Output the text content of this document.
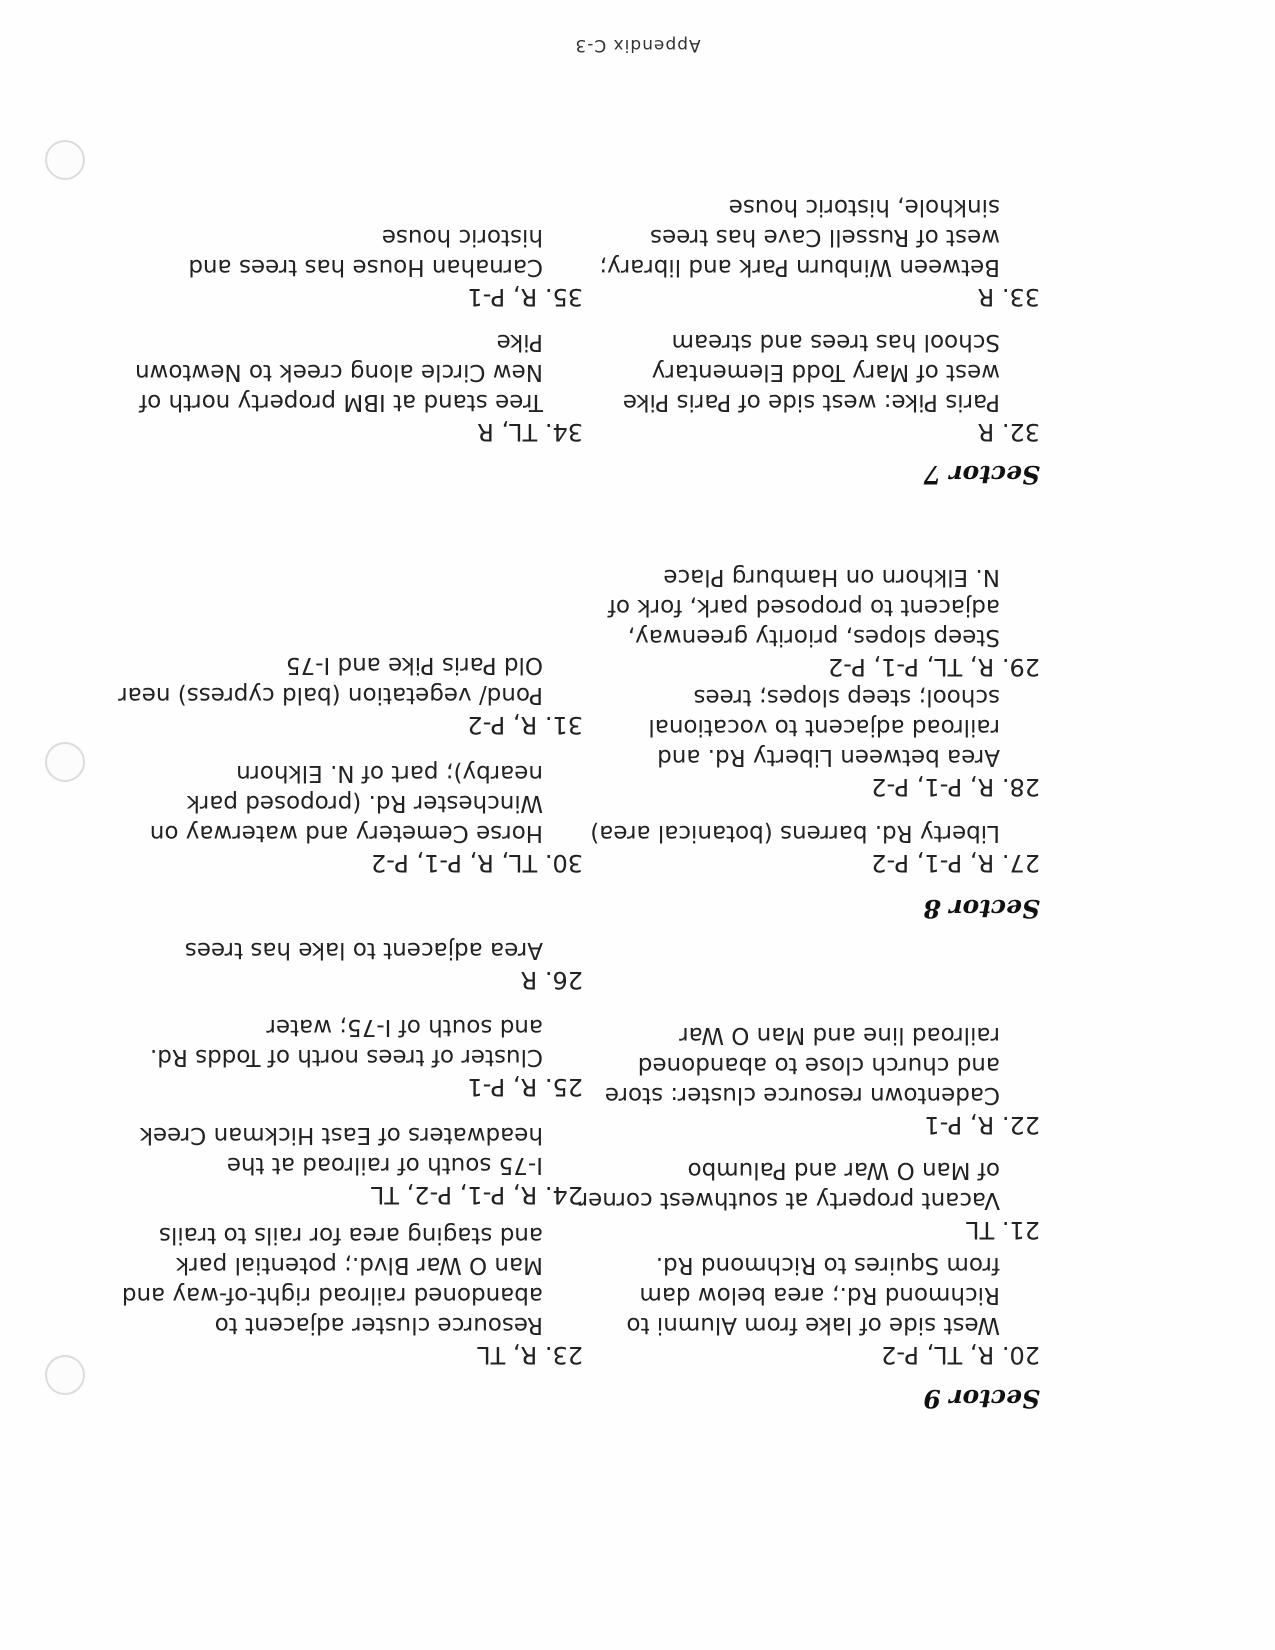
Sector 9
Sector 8
Sector 7
20. R, TL, P-2
West side of lake from Alumni to
Richmond Rd.; area below dam
from Squires to Richmond Rd.
21. TL
Vacant property at southwest corner
of Man O War and Palumbo
22. R, P-1
Cadentown resource cluster: store
and church close to abandoned
railroad line and Man O War
27. R, P-1, P-2
Liberty Rd. barrens (botanical area)
28. R, P-1, P-2
Area between Liberty Rd. and
railroad adjacent to vocational
school; steep slopes; trees
29. R, TL, P-1, P-2
Steep slopes, priority greenway,
adjacent to proposed park, fork of
N. Elkhorn on Hamburg Place
32. R
Paris Pike: west side of Paris Pike
west of Mary Todd Elementary
School has trees and stream
33. R
Between Winburn Park and library;
west of Russell Cave has trees
sinkhole, historic house
23. R, TL
Resource cluster adjacent to
abandoned railroad right-of-way and
Man O War Blvd.; potential park
and staging area for rails to trails
24. R, P-1, P-2, TL
I-75 south of railroad at the
headwaters of East Hickman Creek
25. R, P-1
Cluster of trees north of Todds Rd.
and south of I-75; water
26. R
Area adjacent to lake has trees
30. TL, R, P-1, P-2
Horse Cemetery and waterway on
Winchester Rd. (proposed park
nearby); part of N. Elkhorn
31. R, P-2
Pond/ vegetation (bald cypress) near
Old Paris Pike and I-75
34. TL, R
Tree stand at IBM property north of
New Circle along creek to Newtown
Pike
35. R, P-1
Carnahan House has trees and
historic house
Appendix C-3
